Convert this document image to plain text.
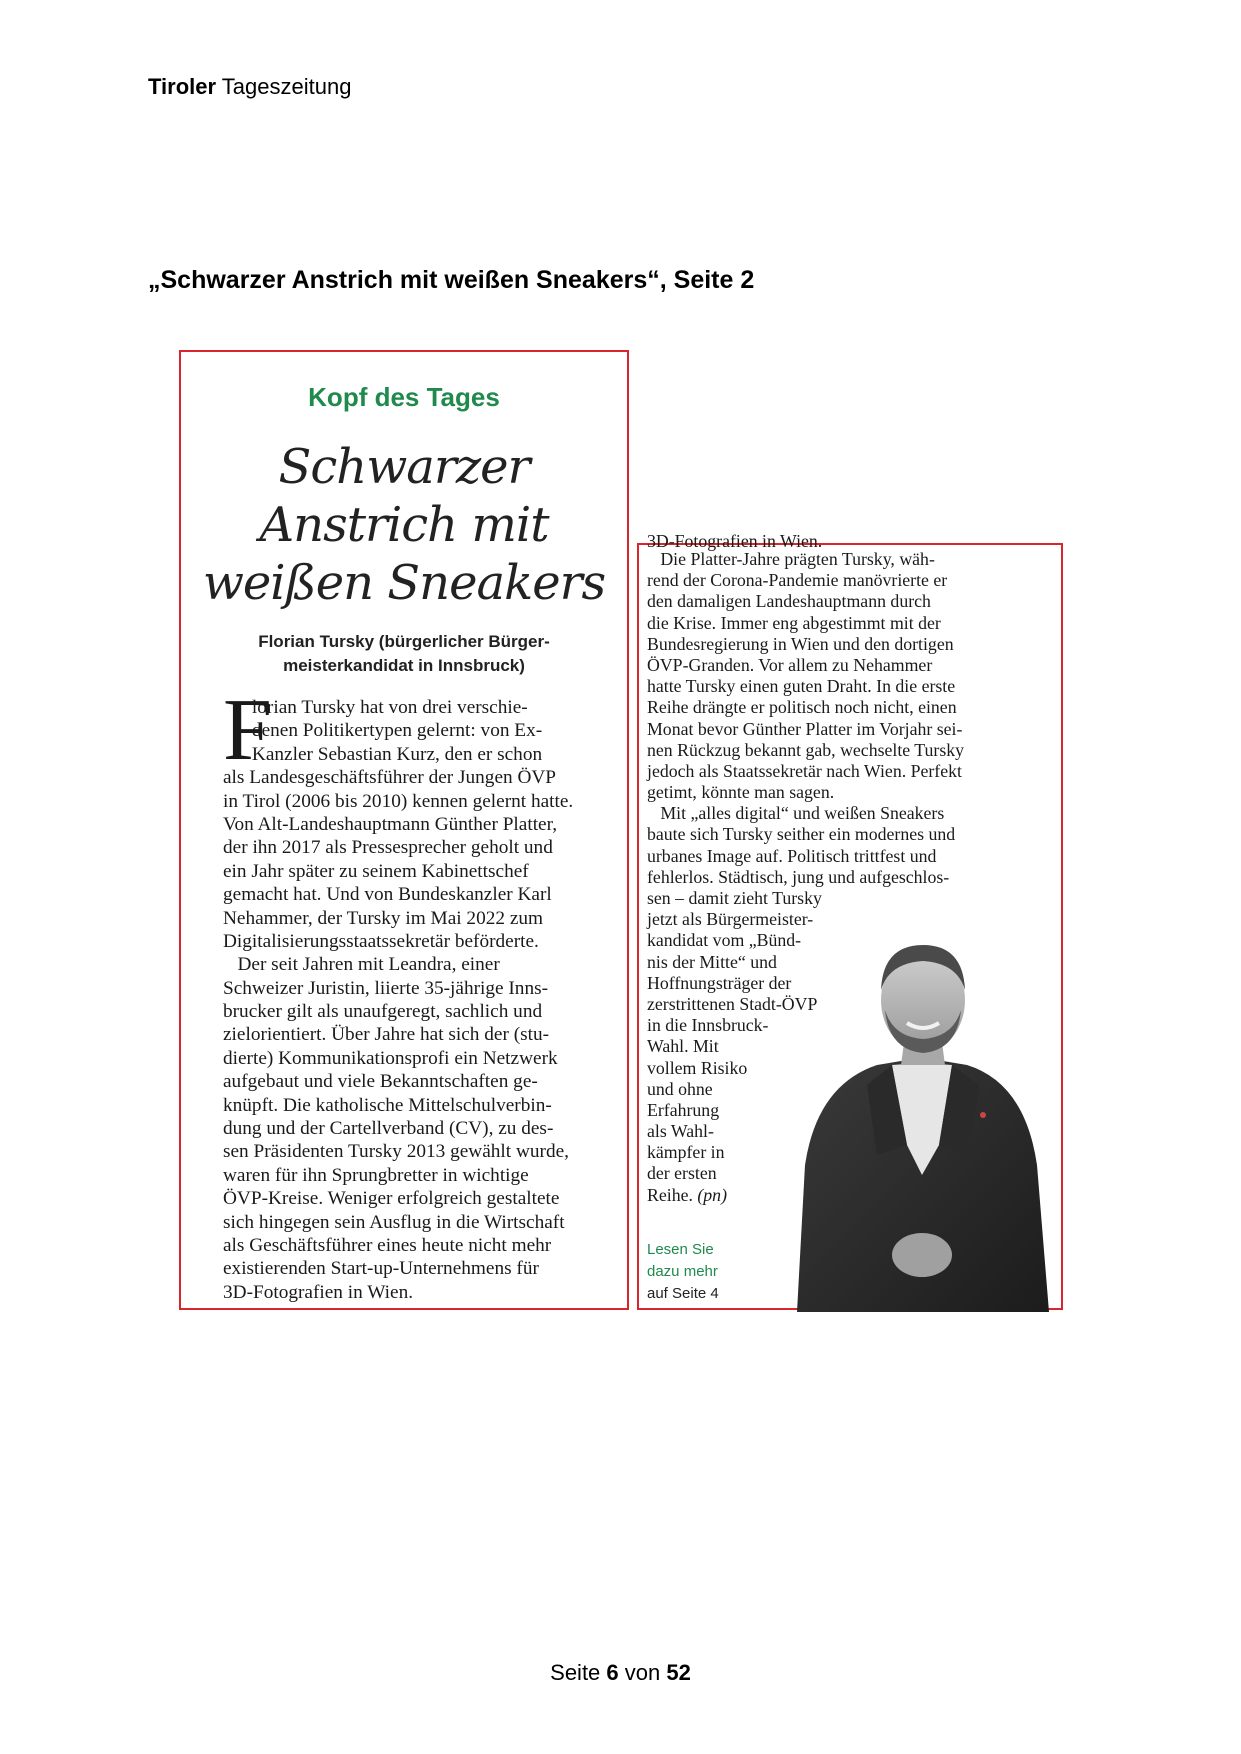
Tiroler Tageszeitung
„Schwarzer Anstrich mit weißen Sneakers“, Seite 2
Kopf des Tages
Schwarzer
Anstrich mit
weißen Sneakers
Florian Tursky (bürgerlicher Bürger-
meisterkandidat in Innsbruck)
F
lorian Tursky hat von drei verschie-
denen Politikertypen gelernt: von Ex-
Kanzler Sebastian Kurz, den er schon
als Landesgeschäftsführer der Jungen ÖVP
in Tirol (2006 bis 2010) kennen gelernt hatte.
Von Alt-Landeshauptmann Günther Platter,
der ihn 2017 als Pressesprecher geholt und
ein Jahr später zu seinem Kabinettschef
gemacht hat. Und von Bundeskanzler Karl
Nehammer, der Tursky im Mai 2022 zum
Digitalisierungsstaatssekretär beförderte.
Der seit Jahren mit Leandra, einer
Schweizer Juristin, liierte 35-jährige Inns-
brucker gilt als unaufgeregt, sachlich und
zielorientiert. Über Jahre hat sich der (stu-
dierte) Kommunikationsprofi ein Netzwerk
aufgebaut und viele Bekanntschaften ge-
knüpft. Die katholische Mittelschulverbin-
dung und der Cartellverband (CV), zu des-
sen Präsidenten Tursky 2013 gewählt wurde,
waren für ihn Sprungbretter in wichtige
ÖVP-Kreise. Weniger erfolgreich gestaltete
sich hingegen sein Ausflug in die Wirtschaft
als Geschäftsführer eines heute nicht mehr
existierenden Start-up-Unternehmens für
3D-Fotografien in Wien.
3D-Fotografien in Wien.
Die Platter-Jahre prägten Tursky, wäh-
rend der Corona-Pandemie manövrierte er
den damaligen Landeshauptmann durch
die Krise. Immer eng abgestimmt mit der
Bundesregierung in Wien und den dortigen
ÖVP-Granden. Vor allem zu Nehammer
hatte Tursky einen guten Draht. In die erste
Reihe drängte er politisch noch nicht, einen
Monat bevor Günther Platter im Vorjahr sei-
nen Rückzug bekannt gab, wechselte Tursky
jedoch als Staatssekretär nach Wien. Perfekt
getimt, könnte man sagen.
Mit „alles digital“ und weißen Sneakers
baute sich Tursky seither ein modernes und
urbanes Image auf. Politisch trittfest und
fehlerlos. Städtisch, jung und aufgeschlos-
sen – damit zieht Tursky
jetzt als Bürgermeister-
kandidat vom „Bünd-
nis der Mitte“ und
Hoffnungsträger der
zerstrittenen Stadt-ÖVP
in die Innsbruck-
Wahl. Mit
vollem Risiko
und ohne
Erfahrung
als Wahl-
kämpfer in
der ersten
Reihe. (pn)
Lesen Sie
dazu mehr
auf Seite 4
Seite 6 von 52
